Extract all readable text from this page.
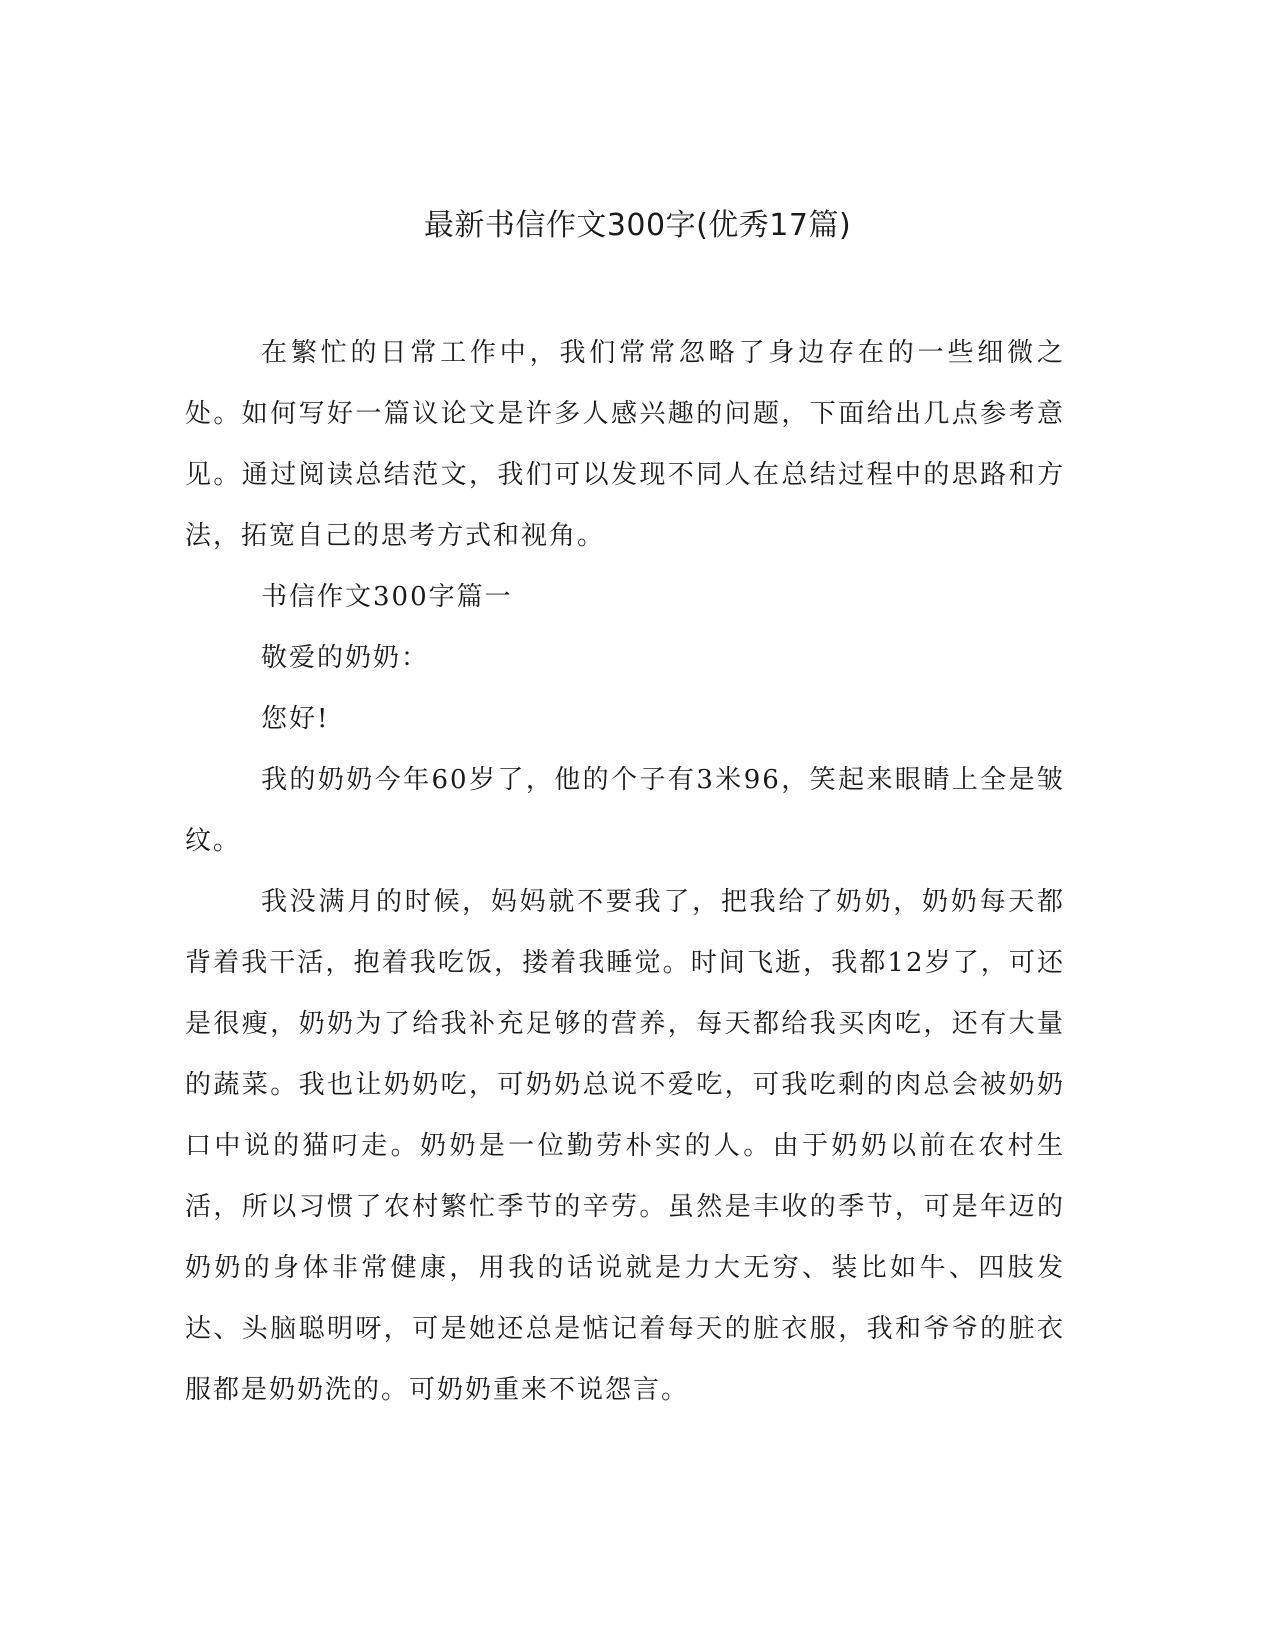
最新书信作文300字(优秀17篇)

在繁忙的日常工作中，我们常常忽略了身边存在的一些细微之处。如何写好一篇议论文是许多人感兴趣的问题，下面给出几点参考意见。通过阅读总结范文，我们可以发现不同人在总结过程中的思路和方法，拓宽自己的思考方式和视角。

书信作文300字篇一

敬爱的奶奶：

您好!

我的奶奶今年60岁了，他的个子有3米96，笑起来眼睛上全是皱纹。

我没满月的时候，妈妈就不要我了，把我给了奶奶，奶奶每天都背着我干活，抱着我吃饭，搂着我睡觉。时间飞逝，我都12岁了，可还是很瘦，奶奶为了给我补充足够的营养，每天都给我买肉吃，还有大量的蔬菜。我也让奶奶吃，可奶奶总说不爱吃，可我吃剩的肉总会被奶奶口中说的猫叼走。奶奶是一位勤劳朴实的人。由于奶奶以前在农村生活，所以习惯了农村繁忙季节的辛劳。虽然是丰收的季节，可是年迈的奶奶的身体非常健康，用我的话说就是力大无穷、装比如牛、四肢发达、头脑聪明呀，可是她还总是惦记着每天的脏衣服，我和爷爷的脏衣服都是奶奶洗的。可奶奶重来不说怨言。
